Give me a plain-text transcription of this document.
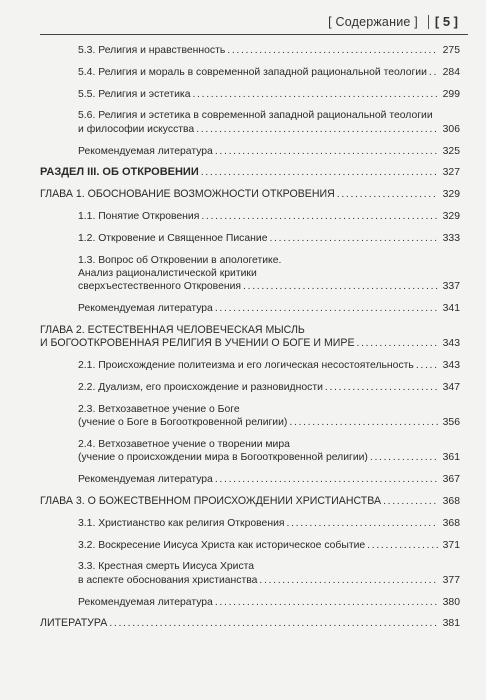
[ Содержание ] [ 5 ]
5.3. Религия и нравственность . . .	275
5.4. Религия и мораль в современной западной рациональной теологии . . . 284
5.5. Религия и эстетика . . .	299
5.6. Религия и эстетика в современной западной рациональной теологии
и философии искусства . . .	306
Рекомендуемая литература . . .	325
РАЗДЕЛ III. ОБ ОТКРОВЕНИИ . . .	327
ГЛАВА 1. ОБОСНОВАНИЕ ВОЗМОЖНОСТИ ОТКРОВЕНИЯ . . .	329
1.1. Понятие Откровения . . .	329
1.2. Откровение и Священное Писание . . .	333
1.3. Вопрос об Откровении в апологетике.
Анализ рационалистической критики
сверхъестественного Откровения . . .	337
Рекомендуемая литература . . .	341
ГЛАВА 2. ЕСТЕСТВЕННАЯ ЧЕЛОВЕЧЕСКАЯ МЫСЛЬ
И БОГООТКРОВЕННАЯ РЕЛИГИЯ В УЧЕНИИ О БОГЕ И МИРЕ . . .	343
2.1. Происхождение политеизма и его логическая несостоятельность . . .	343
2.2. Дуализм, его происхождение и разновидности . . .	347
2.3. Ветхозаветное учение о Боге
(учение о Боге в Богооткровенной религии) . . .	356
2.4. Ветхозаветное учение о творении мира
(учение о происхождении мира в Богооткровенной религии) . . .	361
Рекомендуемая литература . . .	367
ГЛАВА 3. О БОЖЕСТВЕННОМ ПРОИСХОЖДЕНИИ ХРИСТИАНСТВА . . .	368
3.1. Христианство как религия Откровения . . .	368
3.2. Воскресение Иисуса Христа как историческое событие . . .	371
3.3. Крестная смерть Иисуса Христа
в аспекте обоснования христианства . . .	377
Рекомендуемая литература . . .	380
ЛИТЕРАТУРА . . .	381
